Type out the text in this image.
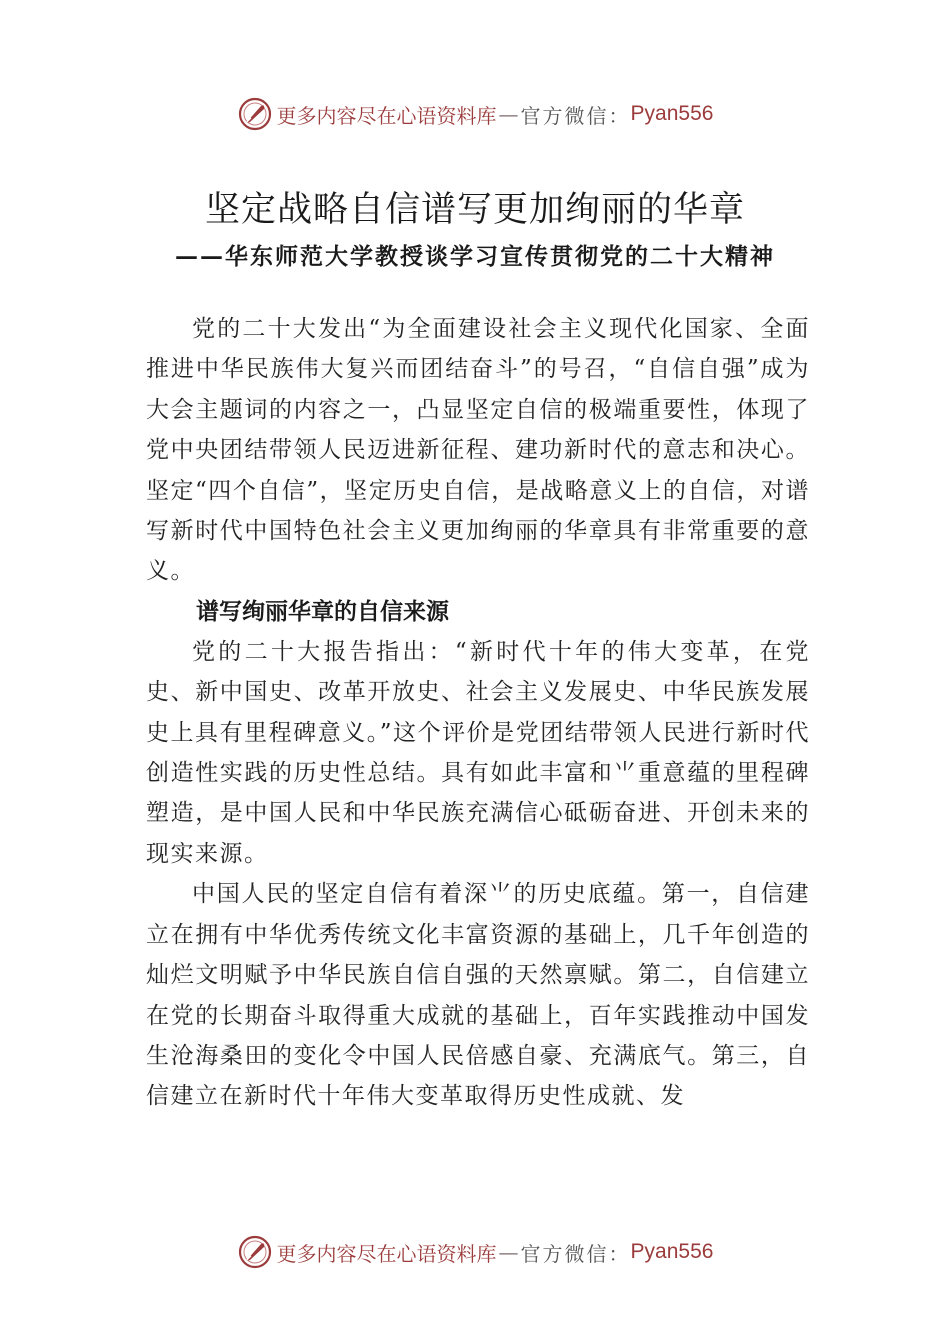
更多内容尽在心语资料库 — 官方微信： Pyan556
坚定战略自信谱写更加绚丽的华章
——华东师范大学教授谈学习宣传贯彻党的二十大精神

党的二十大发出“为全面建设社会主义现代化国家、全面推进中华民族伟大复兴而团结奋斗”的号召，“自信自强”成为大会主题词的内容之一，凸显坚定自信的极端重要性，体现了党中央团结带领人民迈进新征程、建功新时代的意志和决心。坚定“四个自信”，坚定历史自信，是战略意义上的自信，对谱写新时代中国特色社会主义更加绚丽的华章具有非常重要的意义。

谱写绚丽华章的自信来源

党的二十大报告指出：“新时代十年的伟大变革，在党史、新中国史、改革开放史、社会主义发展史、中华民族发展史上具有里程碑意义。”这个评价是党团结带领人民进行新时代创造性实践的历史性总结。具有如此丰富和⺌重意蕴的里程碑塑造，是中国人民和中华民族充满信心砥砺奋进、开创未来的现实来源。

中国人民的坚定自信有着深⺌的历史底蕴。第一，自信建立在拥有中华优秀传统文化丰富资源的基础上，几千年创造的灿烂文明赋予中华民族自信自强的天然禀赋。第二，自信建立在党的长期奋斗取得重大成就的基础上，百年实践推动中国发生沧海桑田的变化令中国人民倍感自豪、充满底气。第三，自信建立在新时代十年伟大变革取得历史性成就、发

更多内容尽在心语资料库 — 官方微信： Pyan556
